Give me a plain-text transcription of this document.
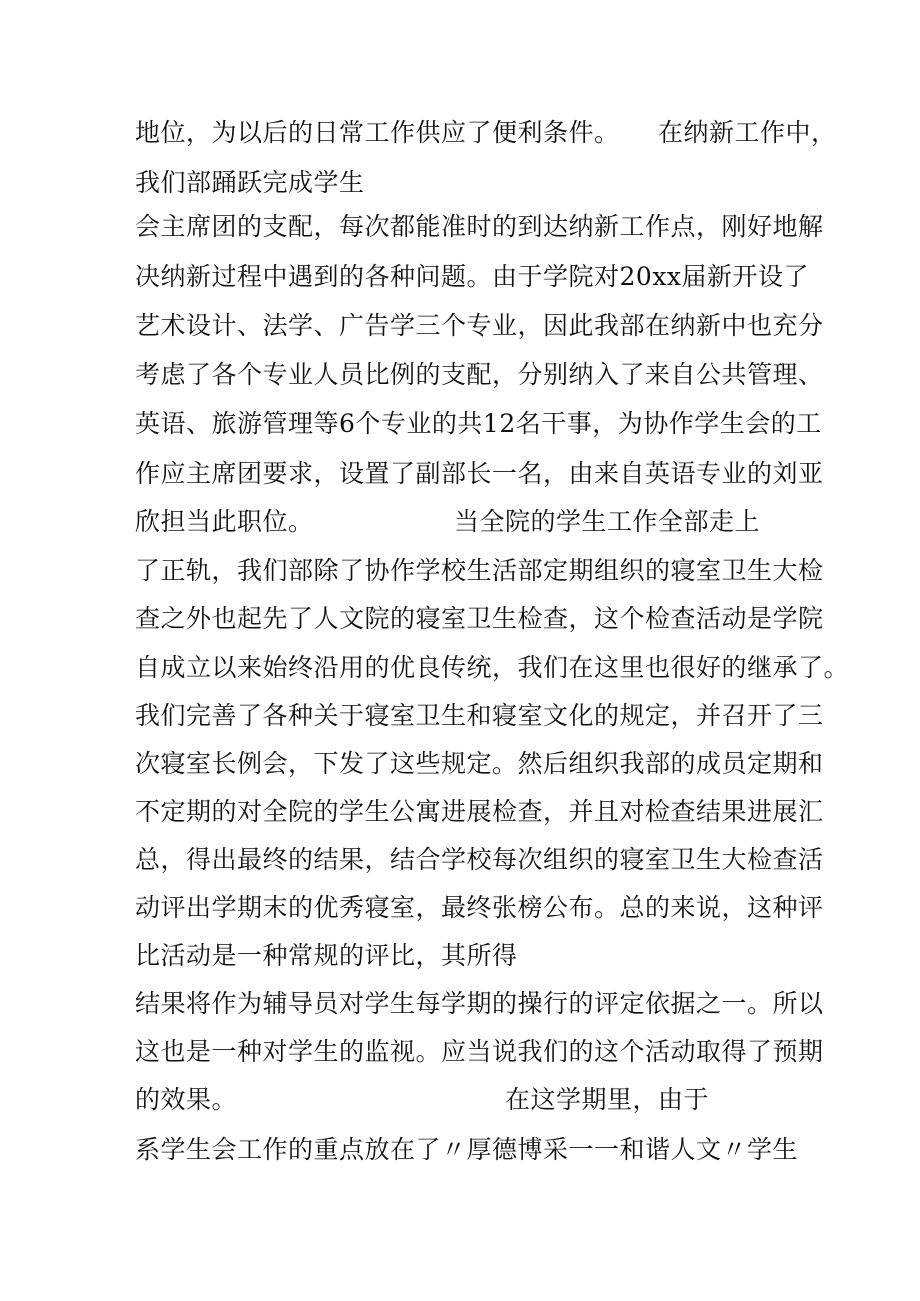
地位，为以后的日常工作供应了便利条件。　　在纳新工作中，
我们部踊跃完成学生
会主席团的支配，每次都能准时的到达纳新工作点，刚好地解
决纳新过程中遇到的各种问题。由于学院对20xx届新开设了
艺术设计、法学、广告学三个专业，因此我部在纳新中也充分
考虑了各个专业人员比例的支配，分别纳入了来自公共管理、
英语、旅游管理等6个专业的共12名干事，为协作学生会的工
作应主席团要求，设置了副部长一名，由来自英语专业的刘亚
欣担当此职位。　　　　　　当全院的学生工作全部走上
了正轨，我们部除了协作学校生活部定期组织的寝室卫生大检
查之外也起先了人文院的寝室卫生检查，这个检查活动是学院
自成立以来始终沿用的优良传统，我们在这里也很好的继承了。
我们完善了各种关于寝室卫生和寝室文化的规定，并召开了三
次寝室长例会，下发了这些规定。然后组织我部的成员定期和
不定期的对全院的学生公寓进展检查，并且对检查结果进展汇
总，得出最终的结果，结合学校每次组织的寝室卫生大检查活
动评出学期末的优秀寝室，最终张榜公布。总的来说，这种评
比活动是一种常规的评比，其所得
结果将作为辅导员对学生每学期的操行的评定依据之一。所以
这也是一种对学生的监视。应当说我们的这个活动取得了预期
的效果。　　　　　　　　　　　在这学期里，由于
系学生会工作的重点放在了〃厚德博采一一和谐人文〃学生
